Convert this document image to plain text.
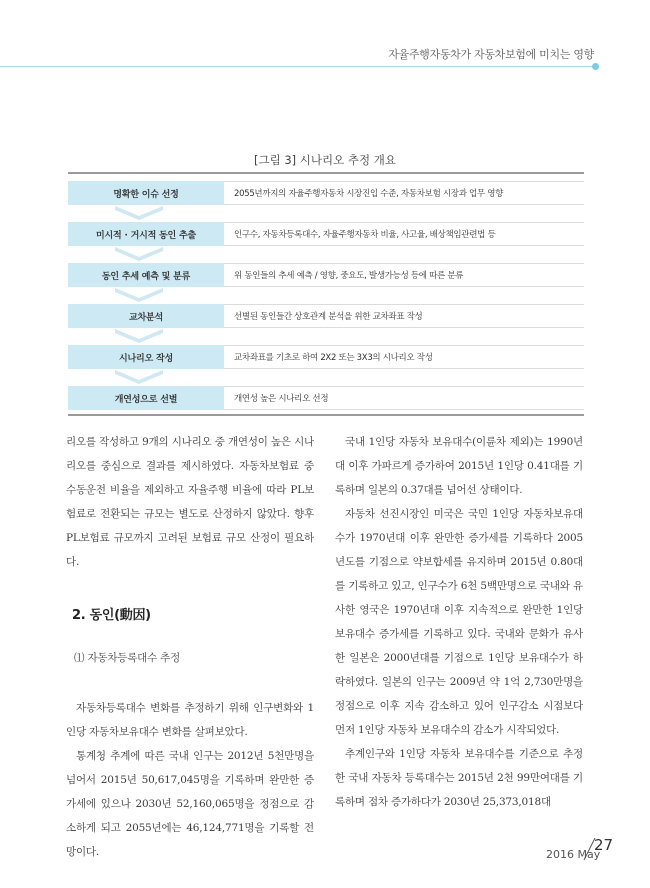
자율주행자동차가 자동차보험에 미치는 영향
[그림 3] 시나리오 추정 개요
명확한 이슈 선정	2055년까지의 자율주행자동차 시장진입 수준, 자동차보험 시장과 업무 영향
미시적 · 거시적 동인 추출	인구수, 자동차등록대수, 자율주행자동차 비율, 사고율, 배상책임관련법 등
동인 추세 예측 및 분류	위 동인들의 추세 예측 / 영향, 중요도, 발생가능성 등에 따른 분류
교차분석	선별된 동인들간 상호관계 분석을 위한 교차좌표 작성
시나리오 작성	교차좌표를 기초로 하여 2X2 또는 3X3의 시나리오 작성
개연성으로 선별	개연성 높은 시나리오 선정

리오를 작성하고 9개의 시나리오 중 개연성이 높은 시나리오를 중심으로 결과를 제시하였다. 자동차보험료 중 수동운전 비율을 제외하고 자율주행 비율에 따라 PL보험료로 전환되는 규모는 별도로 산정하지 않았다. 향후 PL보험료 규모까지 고려된 보험료 규모 산정이 필요하다.

2. 동인(動因)

⑴ 자동차등록대수 추정

자동차등록대수 변화를 추정하기 위해 인구변화와 1인당 자동차보유대수 변화를 살펴보았다.

통계청 추계에 따른 국내 인구는 2012년 5천만명을 넘어서 2015년 50,617,045명을 기록하며 완만한 증가세에 있으나 2030년 52,160,065명을 정점으로 감소하게 되고 2055년에는 46,124,771명을 기록할 전망이다.

국내 1인당 자동차 보유대수(이륜차 제외)는 1990년대 이후 가파르게 증가하여 2015년 1인당 0.41대를 기록하며 일본의 0.37대를 넘어선 상태이다.

자동차 선진시장인 미국은 국민 1인당 자동차보유대수가 1970년대 이후 완만한 증가세를 기록하다 2005년도를 기점으로 약보합세를 유지하며 2015년 0.80대를 기록하고 있고, 인구수가 6천 5백만명으로 국내와 유사한 영국은 1970년대 이후 지속적으로 완만한 1인당 보유대수 증가세를 기록하고 있다. 국내와 문화가 유사한 일본은 2000년대를 기점으로 1인당 보유대수가 하락하였다. 일본의 인구는 2009년 약 1억 2,730만명을 정점으로 이후 지속 감소하고 있어 인구감소 시점보다 먼저 1인당 자동차 보유대수의 감소가 시작되었다.

추계인구와 1인당 자동차 보유대수를 기준으로 추정한 국내 자동차 등록대수는 2015년 2천 99만여대를 기록하며 점차 증가하다가 2030년 25,373,018대

2016 May
27
